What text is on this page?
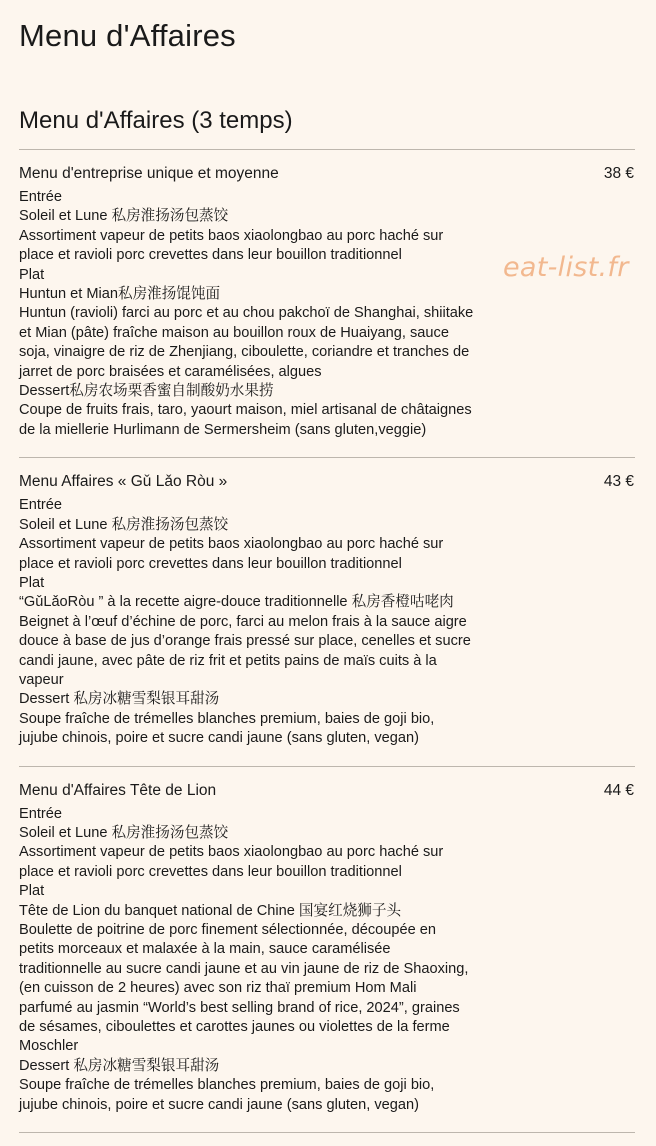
Menu d'Affaires
Menu d'Affaires (3 temps)
Menu d'entreprise unique et moyenne	38 €
Entrée
Soleil et Lune 私房淮扬汤包蒸饺
Assortiment vapeur de petits baos xiaolongbao au porc haché sur
place et ravioli porc crevettes dans leur bouillon traditionnel
Plat
Huntun et Mian私房淮扬馄饨面
Huntun (ravioli) farci au porc et au chou pakchoï de Shanghai, shiitake
et Mian (pâte) fraîche maison au bouillon roux de Huaiyang, sauce
soja, vinaigre de riz de Zhenjiang, ciboulette, coriandre et tranches de
jarret de porc braisées et caramélisées, algues
Dessert私房农场栗香蜜自制酸奶水果捞
Coupe de fruits frais, taro, yaourt maison, miel artisanal de châtaignes
de la miellerie Hurlimann de Sermersheim (sans gluten,veggie)
Menu Affaires « Gǔ Lǎo Ròu »	43 €
Entrée
Soleil et Lune 私房淮扬汤包蒸饺
Assortiment vapeur de petits baos xiaolongbao au porc haché sur
place et ravioli porc crevettes dans leur bouillon traditionnel
Plat
“GǔLǎoRòu ” à la recette aigre-douce traditionnelle 私房香橙咕咾肉
Beignet à l’œuf d’échine de porc, farci au melon frais à la sauce aigre
douce à base de jus d’orange frais pressé sur place, cenelles et sucre
candi jaune, avec pâte de riz frit et petits pains de maïs cuits à la
vapeur
Dessert 私房冰糖雪梨银耳甜汤
Soupe fraîche de trémelles blanches premium, baies de goji bio,
jujube chinois, poire et sucre candi jaune (sans gluten, vegan)
Menu d'Affaires Tête de Lion	44 €
Entrée
Soleil et Lune 私房淮扬汤包蒸饺
Assortiment vapeur de petits baos xiaolongbao au porc haché sur
place et ravioli porc crevettes dans leur bouillon traditionnel
Plat
Tête de Lion du banquet national de Chine 国宴红烧狮子头
Boulette de poitrine de porc finement sélectionnée, découpée en
petits morceaux et malaxée à la main, sauce caramélisée
traditionnelle au sucre candi jaune et au vin jaune de riz de Shaoxing,
(en cuisson de 2 heures) avec son riz thaï premium Hom Mali
parfumé au jasmin “World’s best selling brand of rice, 2024”, graines
de sésames, ciboulettes et carottes jaunes ou violettes de la ferme
Moschler
Dessert 私房冰糖雪梨银耳甜汤
Soupe fraîche de trémelles blanches premium, baies de goji bio,
jujube chinois, poire et sucre candi jaune (sans gluten, vegan)
eat-list.fr
